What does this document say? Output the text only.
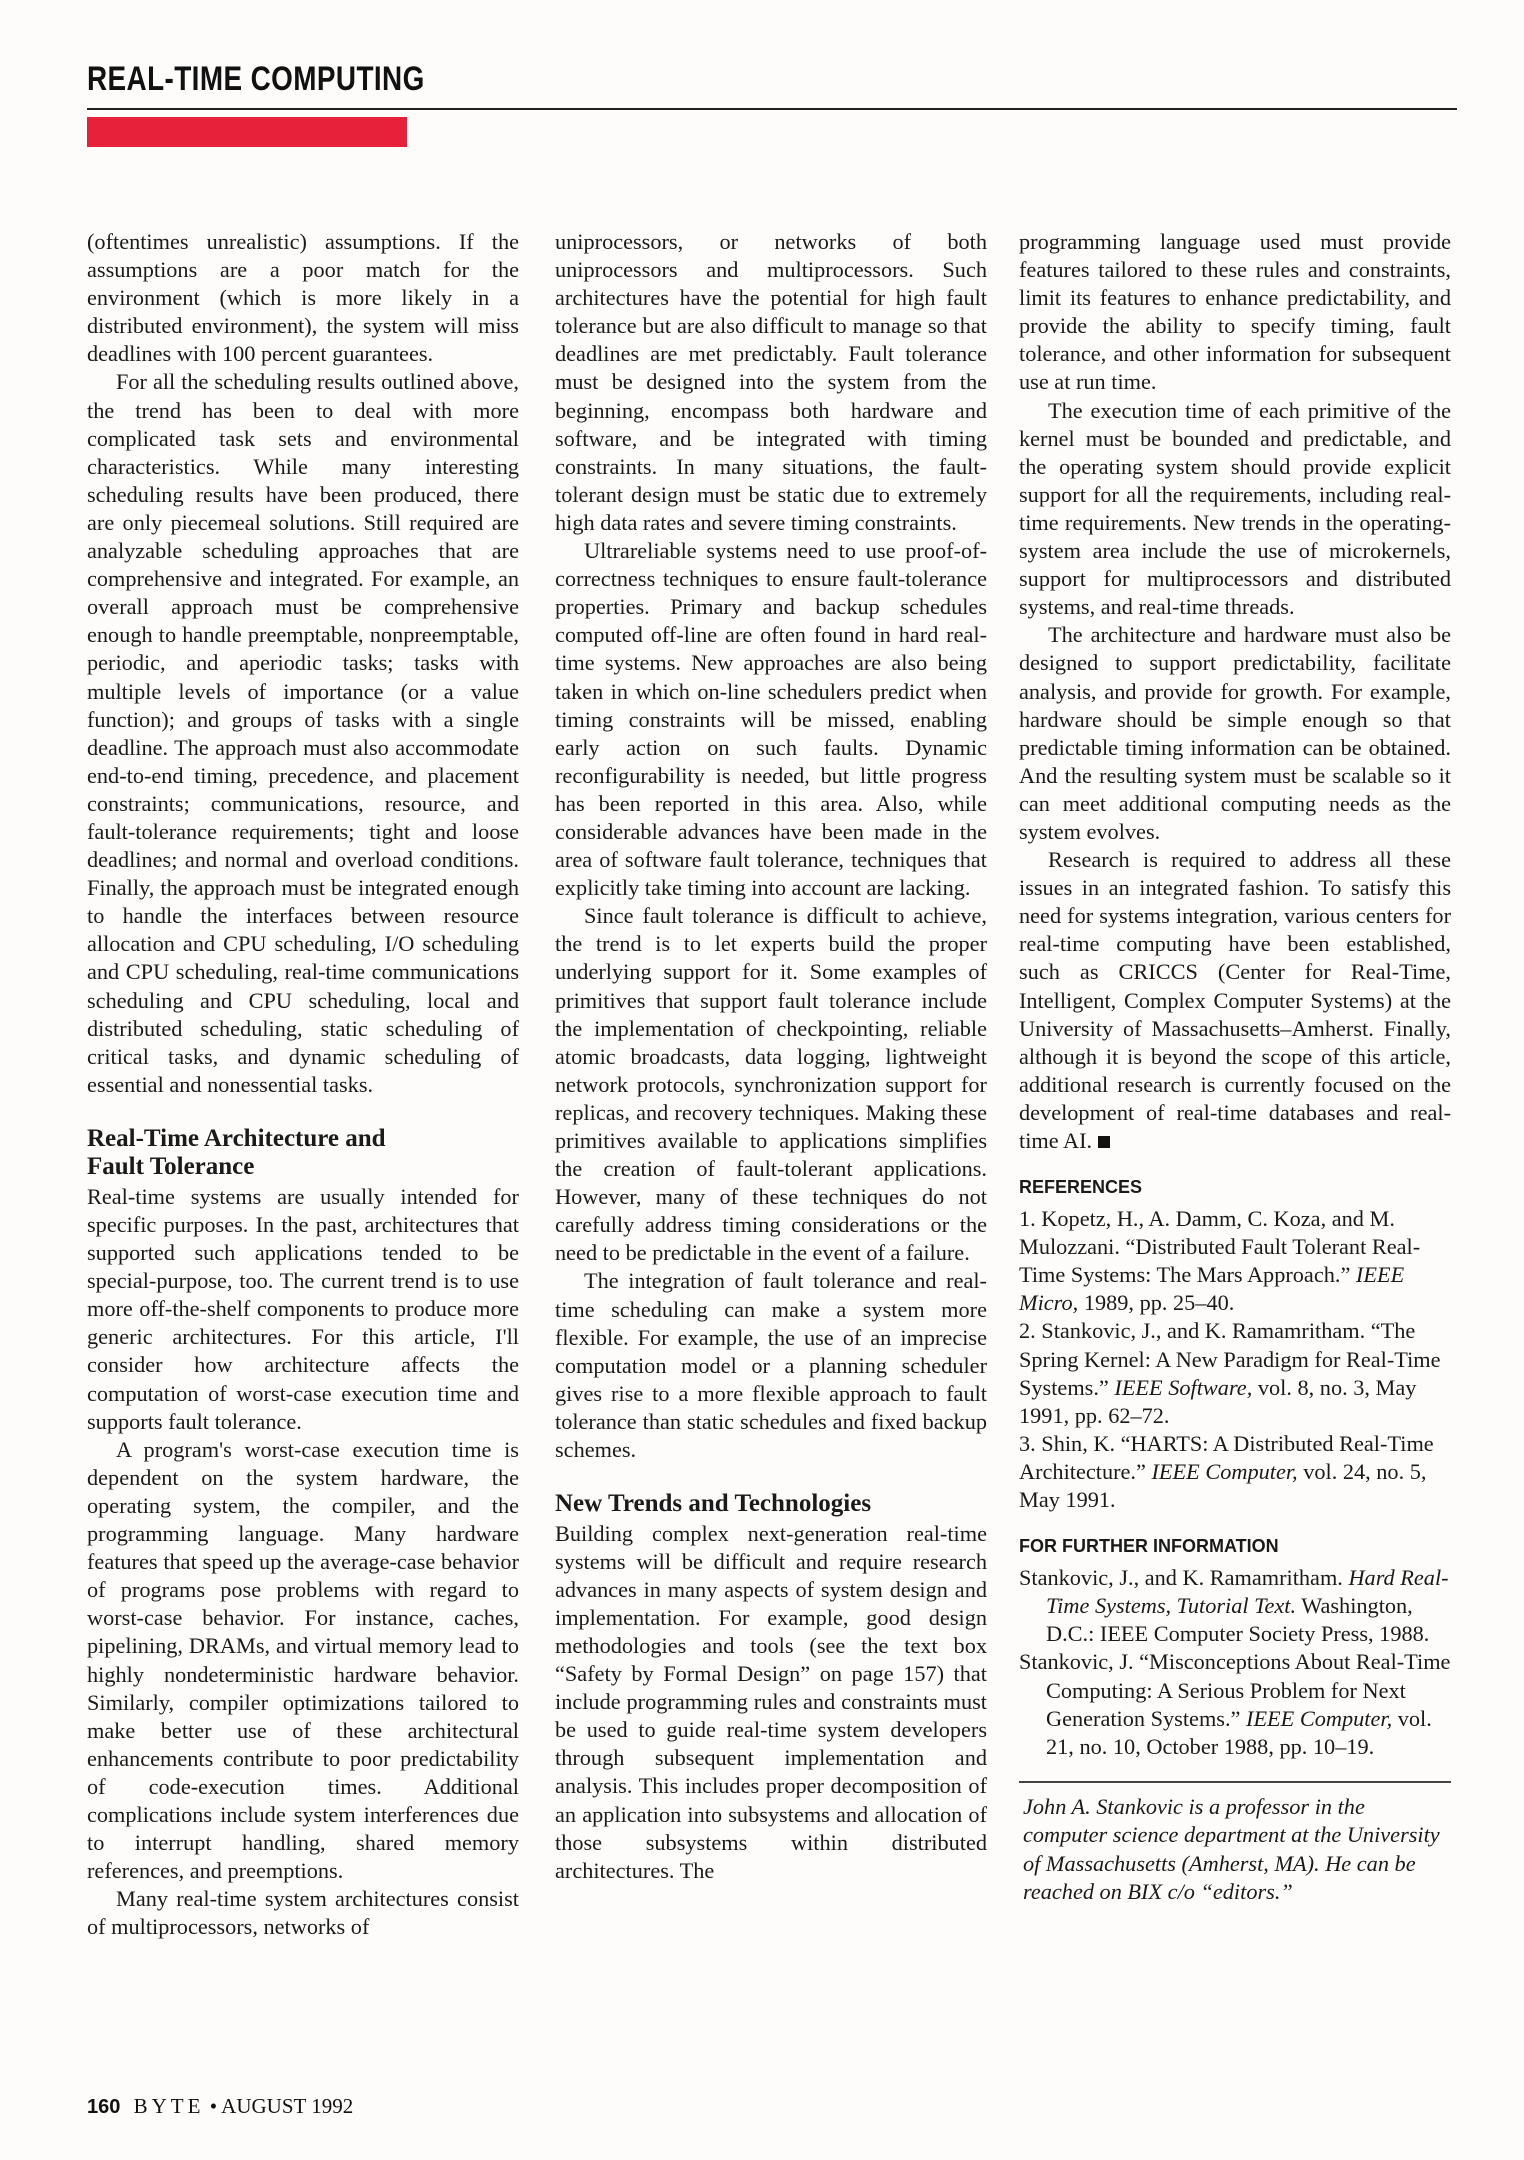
REAL-TIME COMPUTING

(oftentimes unrealistic) assumptions. If the assumptions are a poor match for the environment (which is more likely in a distributed environment), the system will miss deadlines with 100 percent guarantees.

For all the scheduling results outlined above, the trend has been to deal with more complicated task sets and environmental characteristics. While many interesting scheduling results have been produced, there are only piecemeal solutions. Still required are analyzable scheduling approaches that are comprehensive and integrated. For example, an overall approach must be comprehensive enough to handle preemptable, nonpreemptable, periodic, and aperiodic tasks; tasks with multiple levels of importance (or a value function); and groups of tasks with a single deadline. The approach must also accommodate end-to-end timing, precedence, and placement constraints; communications, resource, and fault-tolerance requirements; tight and loose deadlines; and normal and overload conditions. Finally, the approach must be integrated enough to handle the interfaces between resource allocation and CPU scheduling, I/O scheduling and CPU scheduling, real-time communications scheduling and CPU scheduling, local and distributed scheduling, static scheduling of critical tasks, and dynamic scheduling of essential and nonessential tasks.

Real-Time Architecture and
Fault Tolerance

Real-time systems are usually intended for specific purposes. In the past, architectures that supported such applications tended to be special-purpose, too. The current trend is to use more off-the-shelf components to produce more generic architectures. For this article, I'll consider how architecture affects the computation of worst-case execution time and supports fault tolerance.

A program's worst-case execution time is dependent on the system hardware, the operating system, the compiler, and the programming language. Many hardware features that speed up the average-case behavior of programs pose problems with regard to worst-case behavior. For instance, caches, pipelining, DRAMs, and virtual memory lead to highly nondeterministic hardware behavior. Similarly, compiler optimizations tailored to make better use of these architectural enhancements contribute to poor predictability of code-execution times. Additional complications include system interferences due to interrupt handling, shared memory references, and preemptions.

Many real-time system architectures consist of multiprocessors, networks of

uniprocessors, or networks of both uniprocessors and multiprocessors. Such architectures have the potential for high fault tolerance but are also difficult to manage so that deadlines are met predictably. Fault tolerance must be designed into the system from the beginning, encompass both hardware and software, and be integrated with timing constraints. In many situations, the fault-tolerant design must be static due to extremely high data rates and severe timing constraints.

Ultrareliable systems need to use proof-of-correctness techniques to ensure fault-tolerance properties. Primary and backup schedules computed off-line are often found in hard real-time systems. New approaches are also being taken in which on-line schedulers predict when timing constraints will be missed, enabling early action on such faults. Dynamic reconfigurability is needed, but little progress has been reported in this area. Also, while considerable advances have been made in the area of software fault tolerance, techniques that explicitly take timing into account are lacking.

Since fault tolerance is difficult to achieve, the trend is to let experts build the proper underlying support for it. Some examples of primitives that support fault tolerance include the implementation of checkpointing, reliable atomic broadcasts, data logging, lightweight network protocols, synchronization support for replicas, and recovery techniques. Making these primitives available to applications simplifies the creation of fault-tolerant applications. However, many of these techniques do not carefully address timing considerations or the need to be predictable in the event of a failure.

The integration of fault tolerance and real-time scheduling can make a system more flexible. For example, the use of an imprecise computation model or a planning scheduler gives rise to a more flexible approach to fault tolerance than static schedules and fixed backup schemes.

New Trends and Technologies

Building complex next-generation real-time systems will be difficult and require research advances in many aspects of system design and implementation. For example, good design methodologies and tools (see the text box “Safety by Formal Design” on page 157) that include programming rules and constraints must be used to guide real-time system developers through subsequent implementation and analysis. This includes proper decomposition of an application into subsystems and allocation of those subsystems within distributed architectures. The

programming language used must provide features tailored to these rules and constraints, limit its features to enhance predictability, and provide the ability to specify timing, fault tolerance, and other information for subsequent use at run time.

The execution time of each primitive of the kernel must be bounded and predictable, and the operating system should provide explicit support for all the requirements, including real-time requirements. New trends in the operating-system area include the use of microkernels, support for multiprocessors and distributed systems, and real-time threads.

The architecture and hardware must also be designed to support predictability, facilitate analysis, and provide for growth. For example, hardware should be simple enough so that predictable timing information can be obtained. And the resulting system must be scalable so it can meet additional computing needs as the system evolves.

Research is required to address all these issues in an integrated fashion. To satisfy this need for systems integration, various centers for real-time computing have been established, such as CRICCS (Center for Real-Time, Intelligent, Complex Computer Systems) at the University of Massachusetts–Amherst. Finally, although it is beyond the scope of this article, additional research is currently focused on the development of real-time databases and real-time AI.

REFERENCES

1. Kopetz, H., A. Damm, C. Koza, and M. Mulozzani. “Distributed Fault Tolerant Real-Time Systems: The Mars Approach.” IEEE Micro, 1989, pp. 25–40.

2. Stankovic, J., and K. Ramamritham. “The Spring Kernel: A New Paradigm for Real-Time Systems.” IEEE Software, vol. 8, no. 3, May 1991, pp. 62–72.

3. Shin, K. “HARTS: A Distributed Real-Time Architecture.” IEEE Computer, vol. 24, no. 5, May 1991.

FOR FURTHER INFORMATION

Stankovic, J., and K. Ramamritham. Hard Real-Time Systems, Tutorial Text. Washington, D.C.: IEEE Computer Society Press, 1988.

Stankovic, J. “Misconceptions About Real-Time Computing: A Serious Problem for Next Generation Systems.” IEEE Computer, vol. 21, no. 10, October 1988, pp. 10–19.

John A. Stankovic is a professor in the computer science department at the University of Massachusetts (Amherst, MA). He can be reached on BIX c/o “editors.”

160 BYTE • AUGUST 1992
